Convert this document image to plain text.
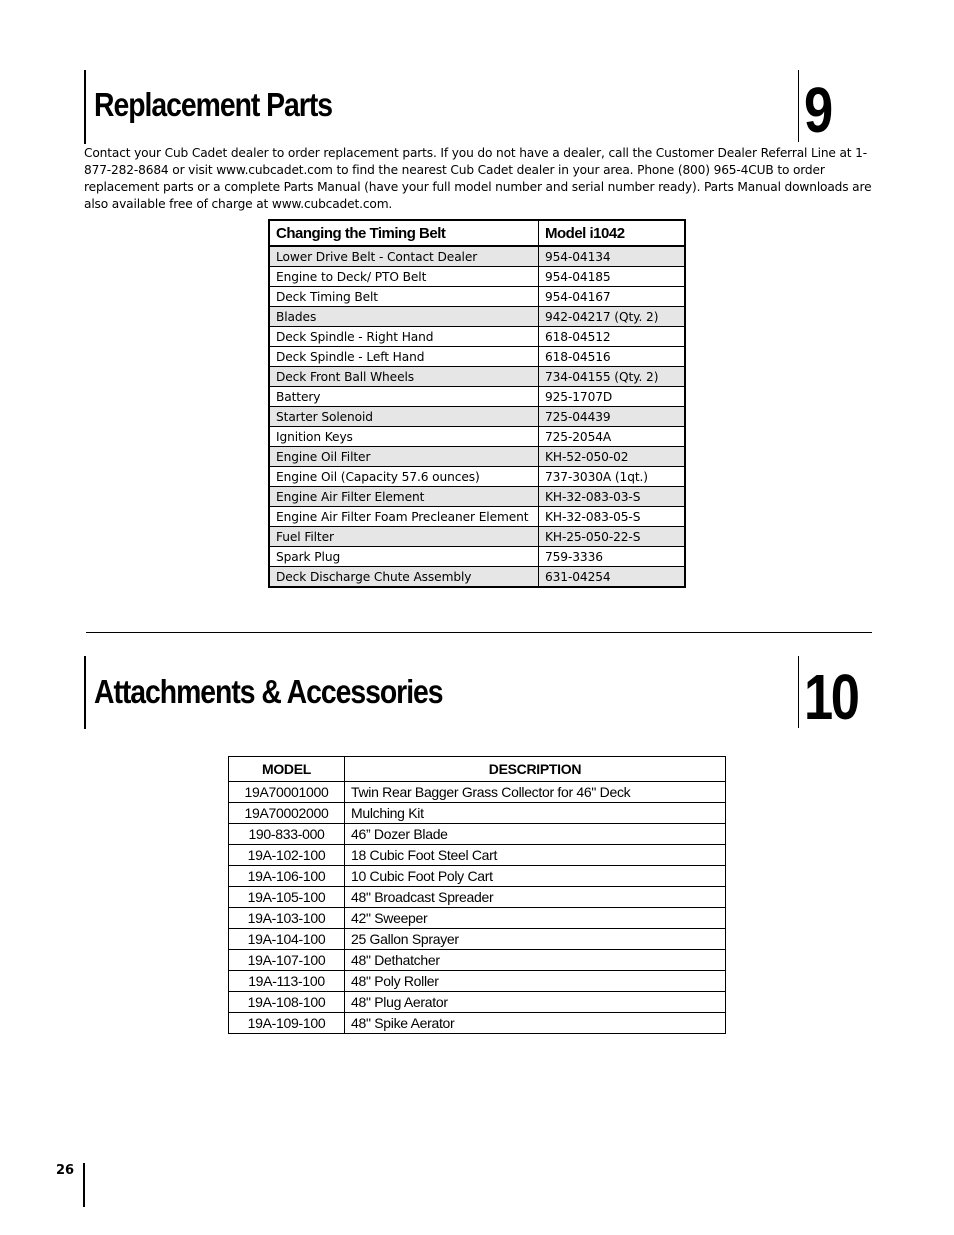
Replacement Parts	9

Contact your Cub Cadet dealer to order replacement parts. If you do not have a dealer, call the Customer Dealer Referral Line at 1-877-282-8684 or visit www.cubcadet.com to find the nearest Cub Cadet dealer in your area. Phone (800) 965-4CUB to order replacement parts or a complete Parts Manual (have your full model number and serial number ready). Parts Manual downloads are also available free of charge at www.cubcadet.com.

Changing the Timing Belt	Model i1042
Lower Drive Belt - Contact Dealer	954-04134
Engine to Deck/ PTO Belt	954-04185
Deck Timing Belt	954-04167
Blades	942-04217 (Qty. 2)
Deck Spindle - Right Hand	618-04512
Deck Spindle - Left Hand	618-04516
Deck Front Ball Wheels	734-04155 (Qty. 2)
Battery	925-1707D
Starter Solenoid	725-04439
Ignition Keys	725-2054A
Engine Oil Filter	KH-52-050-02
Engine Oil (Capacity 57.6 ounces)	737-3030A (1qt.)
Engine Air Filter Element	KH-32-083-03-S
Engine Air Filter Foam Precleaner Element	KH-32-083-05-S
Fuel Filter	KH-25-050-22-S
Spark Plug	759-3336
Deck Discharge Chute Assembly	631-04254
Attachments & Accessories	10
MODEL	DESCRIPTION
19A70001000	Twin Rear Bagger Grass Collector for 46" Deck
19A70002000	Mulching Kit
190-833-000	46” Dozer Blade
19A-102-100	18 Cubic Foot Steel Cart
19A-106-100	10 Cubic Foot Poly Cart
19A-105-100	48" Broadcast Spreader
19A-103-100	42" Sweeper
19A-104-100	25 Gallon Sprayer
19A-107-100	48" Dethatcher
19A-113-100	48" Poly Roller
19A-108-100	48" Plug Aerator
19A-109-100	48" Spike Aerator

26
